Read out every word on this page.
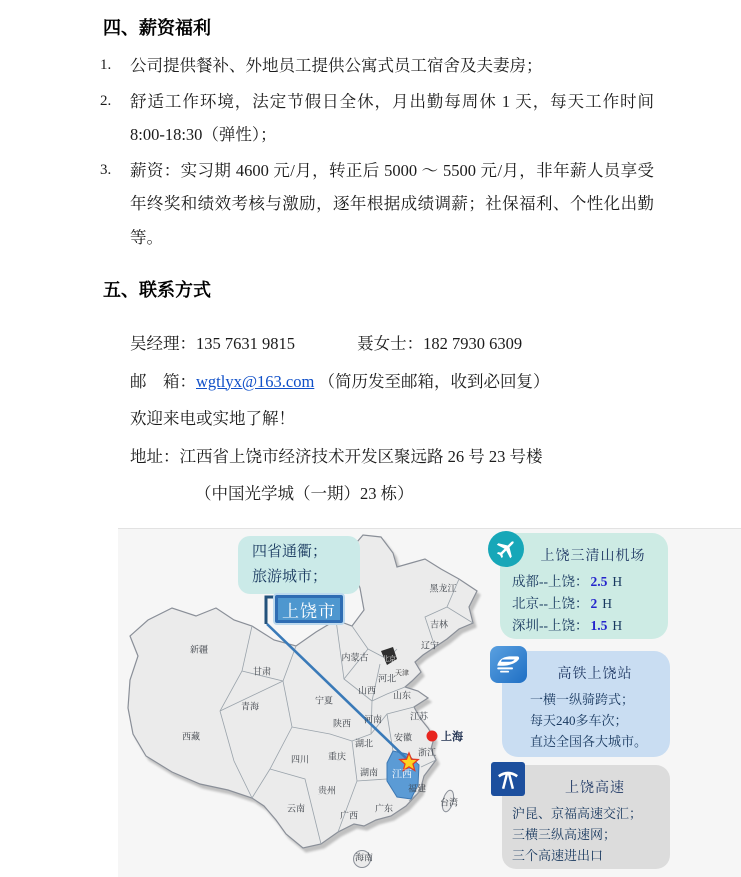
四、薪资福利
1.	公司提供餐补、外地员工提供公寓式员工宿舍及夫妻房；
2.	舒适工作环境，法定节假日全休，月出勤每周休 1 天，每天工作时间 8:00-18:30（弹性）；
3.	薪资：实习期 4600 元/月，转正后 5000 ～ 5500 元/月，非年薪人员享受年终奖和绩效考核与激励，逐年根据成绩调薪；社保福利、个性化出勤等。
五、联系方式
吴经理：135 7631 9815	聂女士：182 7930 6309
邮　箱：wgtlyx@163.com （简历发至邮箱，收到必回复）
欢迎来电或实地了解！
地址：江西省上饶市经济技术开发区聚远路 26 号 23 号楼
（中国光学城（一期）23 栋）
新疆
甘肃
内蒙古
黑龙江
吉林
辽宁
青海
西藏
四川 重庆
陕西
山西
河北
北京
天津
山东
河南	江苏
安徽
湖北
浙江
湖南
贵州
云南
广西
广东
福建
台湾
海南
宁夏
江西
上海
四省通衢；
旅游城市；
上饶市
上饶三清山机场
成都--上饶： 2.5 H
北京--上饶： 2 H
深圳--上饶： 1.5 H
高铁上饶站
一横一纵骑跨式；
每天240多车次；
直达全国各大城市。
上饶高速
沪昆、京福高速交汇；
三横三纵高速网；
三个高速进出口
